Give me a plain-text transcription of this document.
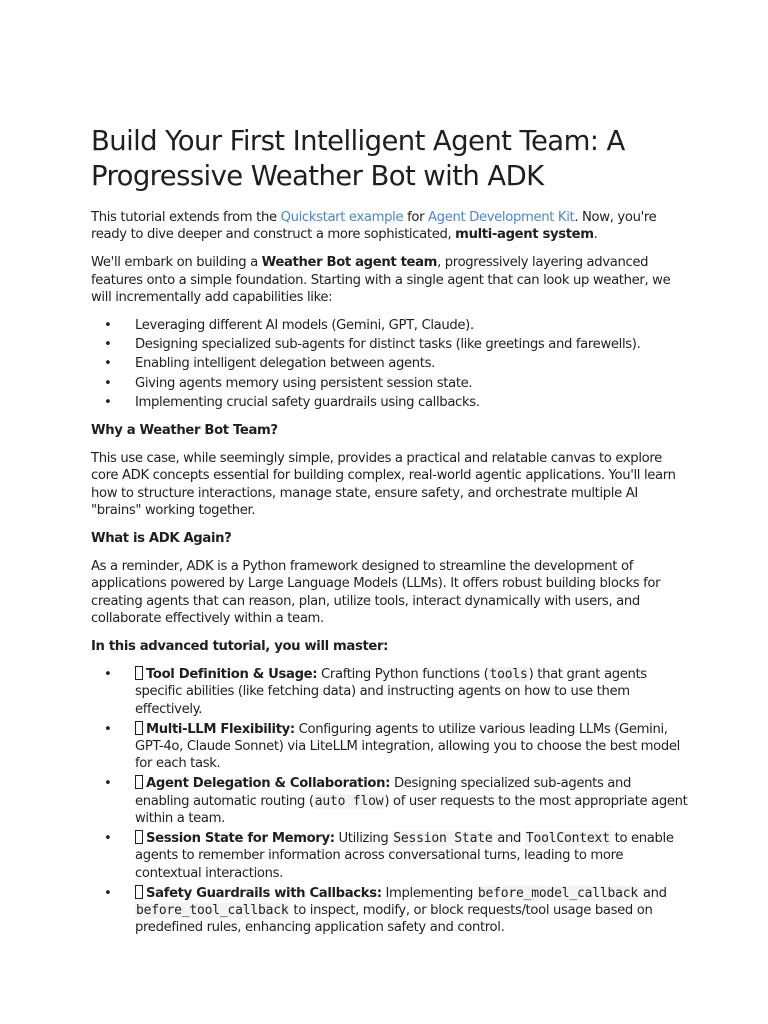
Build Your First Intelligent Agent Team: A Progressive Weather Bot with ADK

This tutorial extends from the Quickstart example for Agent Development Kit. Now, you're ready to dive deeper and construct a more sophisticated, multi-agent system.

We'll embark on building a Weather Bot agent team, progressively layering advanced features onto a simple foundation. Starting with a single agent that can look up weather, we will incrementally add capabilities like:

• Leveraging different AI models (Gemini, GPT, Claude).
• Designing specialized sub-agents for distinct tasks (like greetings and farewells).
• Enabling intelligent delegation between agents.
• Giving agents memory using persistent session state.
• Implementing crucial safety guardrails using callbacks.
Why a Weather Bot Team?

This use case, while seemingly simple, provides a practical and relatable canvas to explore core ADK concepts essential for building complex, real-world agentic applications. You'll learn how to structure interactions, manage state, ensure safety, and orchestrate multiple AI "brains" working together.

What is ADK Again?

As a reminder, ADK is a Python framework designed to streamline the development of applications powered by Large Language Models (LLMs). It offers robust building blocks for creating agents that can reason, plan, utilize tools, interact dynamically with users, and collaborate effectively within a team.

In this advanced tutorial, you will master:
•	Tool Definition & Usage: Crafting Python functions (tools) that grant agents specific abilities (like fetching data) and instructing agents on how to use them effectively.
•	Multi-LLM Flexibility: Configuring agents to utilize various leading LLMs (Gemini, GPT-4o, Claude Sonnet) via LiteLLM integration, allowing you to choose the best model for each task.
•	Agent Delegation & Collaboration: Designing specialized sub-agents and enabling automatic routing (auto flow) of user requests to the most appropriate agent within a team.
•	Session State for Memory: Utilizing Session State and ToolContext to enable agents to remember information across conversational turns, leading to more contextual interactions.
•	Safety Guardrails with Callbacks: Implementing before_model_callback and before_tool_callback to inspect, modify, or block requests/tool usage based on predefined rules, enhancing application safety and control.
